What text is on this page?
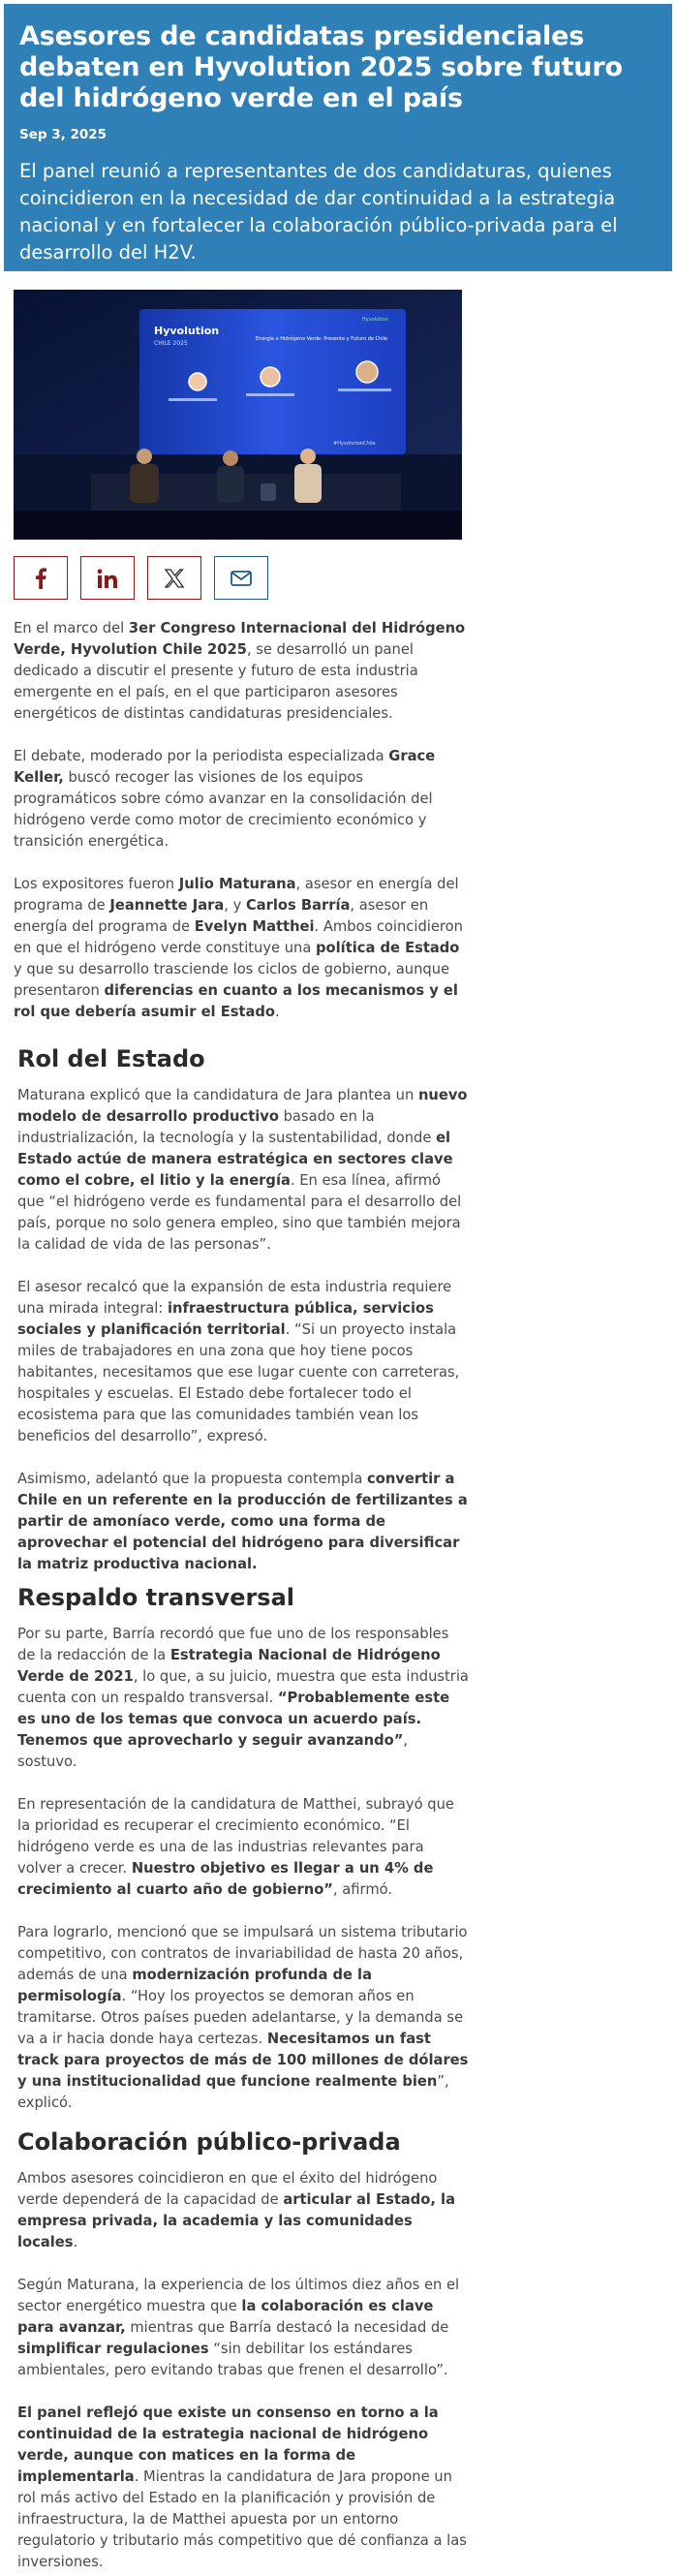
Asesores de candidatas presidenciales debaten en Hyvolution 2025 sobre futuro del hidrógeno verde en el país
Sep 3, 2025

El panel reunió a representantes de dos candidaturas, quienes coincidieron en la necesidad de dar continuidad a la estrategia nacional y en fortalecer la colaboración público-privada para el desarrollo del H2V.

Hyvolution
CHILE 2025
Energía e Hidrógeno Verde: Presente y Futuro de Chile
Hyvolution
#HyvolutionChile

En el marco del 3er Congreso Internacional del Hidrógeno Verde, Hyvolution Chile 2025, se desarrolló un panel dedicado a discutir el presente y futuro de esta industria emergente en el país, en el que participaron asesores energéticos de distintas candidaturas presidenciales.

El debate, moderado por la periodista especializada Grace Keller, buscó recoger las visiones de los equipos programáticos sobre cómo avanzar en la consolidación del hidrógeno verde como motor de crecimiento económico y transición energética.

Los expositores fueron Julio Maturana, asesor en energía del programa de Jeannette Jara, y Carlos Barría, asesor en energía del programa de Evelyn Matthei. Ambos coincidieron en que el hidrógeno verde constituye una política de Estado y que su desarrollo trasciende los ciclos de gobierno, aunque presentaron diferencias en cuanto a los mecanismos y el rol que debería asumir el Estado.

Rol del Estado

Maturana explicó que la candidatura de Jara plantea un nuevo modelo de desarrollo productivo basado en la industrialización, la tecnología y la sustentabilidad, donde el Estado actúe de manera estratégica en sectores clave como el cobre, el litio y la energía. En esa línea, afirmó que “el hidrógeno verde es fundamental para el desarrollo del país, porque no solo genera empleo, sino que también mejora la calidad de vida de las personas”.

El asesor recalcó que la expansión de esta industria requiere una mirada integral: infraestructura pública, servicios sociales y planificación territorial. “Si un proyecto instala miles de trabajadores en una zona que hoy tiene pocos habitantes, necesitamos que ese lugar cuente con carreteras, hospitales y escuelas. El Estado debe fortalecer todo el ecosistema para que las comunidades también vean los beneficios del desarrollo”, expresó.

Asimismo, adelantó que la propuesta contempla convertir a Chile en un referente en la producción de fertilizantes a partir de amoníaco verde, como una forma de aprovechar el potencial del hidrógeno para diversificar la matriz productiva nacional.

Respaldo transversal

Por su parte, Barría recordó que fue uno de los responsables de la redacción de la Estrategia Nacional de Hidrógeno Verde de 2021, lo que, a su juicio, muestra que esta industria cuenta con un respaldo transversal. “Probablemente este es uno de los temas que convoca un acuerdo país. Tenemos que aprovecharlo y seguir avanzando”, sostuvo.

En representación de la candidatura de Matthei, subrayó que la prioridad es recuperar el crecimiento económico. “El hidrógeno verde es una de las industrias relevantes para volver a crecer. Nuestro objetivo es llegar a un 4% de crecimiento al cuarto año de gobierno”, afirmó.

Para lograrlo, mencionó que se impulsará un sistema tributario competitivo, con contratos de invariabilidad de hasta 20 años, además de una modernización profunda de la permisología. “Hoy los proyectos se demoran años en tramitarse. Otros países pueden adelantarse, y la demanda se va a ir hacia donde haya certezas. Necesitamos un fast track para proyectos de más de 100 millones de dólares y una institucionalidad que funcione realmente bien”, explicó.

Colaboración público-privada

Ambos asesores coincidieron en que el éxito del hidrógeno verde dependerá de la capacidad de articular al Estado, la empresa privada, la academia y las comunidades locales.

Según Maturana, la experiencia de los últimos diez años en el sector energético muestra que la colaboración es clave para avanzar, mientras que Barría destacó la necesidad de simplificar regulaciones “sin debilitar los estándares ambientales, pero evitando trabas que frenen el desarrollo”.

El panel reflejó que existe un consenso en torno a la continuidad de la estrategia nacional de hidrógeno verde, aunque con matices en la forma de implementarla. Mientras la candidatura de Jara propone un rol más activo del Estado en la planificación y provisión de infraestructura, la de Matthei apuesta por un entorno regulatorio y tributario más competitivo que dé confianza a las inversiones.
